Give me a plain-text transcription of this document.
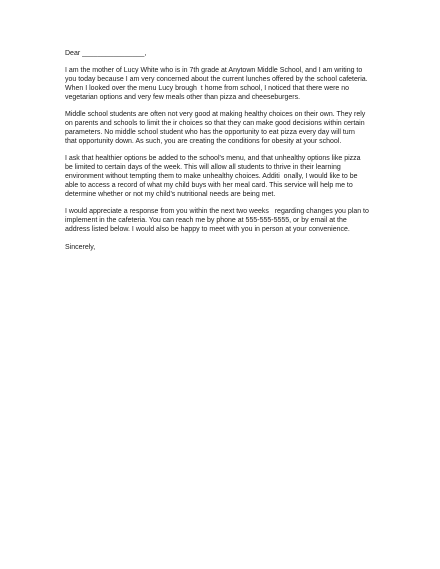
Dear ________________,
I am the mother of Lucy White who is in 7th grade at Anytown Middle School, and I am writing to
you today because I am very concerned about the current lunches offered by the school cafeteria.
When I looked over the menu Lucy brough  t home from school, I noticed that there were no
vegetarian options and very few meals other than pizza and cheeseburgers.
Middle school students are often not very good at making healthy choices on their own. They rely
on parents and schools to limit the ir choices so that they can make good decisions within certain
parameters. No middle school student who has the opportunity to eat pizza every day will turn
that opportunity down. As such, you are creating the conditions for obesity at your school.
I ask that healthier options be added to the school's menu, and that unhealthy options like pizza
be limited to certain days of the week. This will allow all students to thrive in their learning
environment without tempting them to make unhealthy choices. Additi  onally, I would like to be
able to access a record of what my child buys with her meal card. This service will help me to
determine whether or not my child's nutritional needs are being met.
I would appreciate a response from you within the next two weeks   regarding changes you plan to
implement in the cafeteria. You can reach me by phone at 555-555-5555, or by email at the
address listed below. I would also be happy to meet with you in person at your convenience.
Sincerely,
